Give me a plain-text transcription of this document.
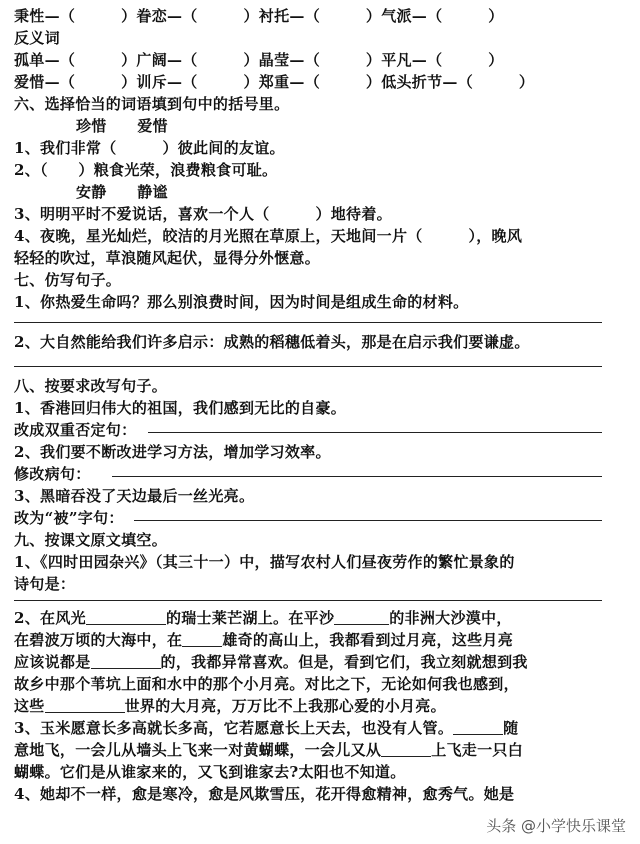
秉性—（　　　）眷恋—（　　　）衬托—（　　　）气派—（　　　）
反义词
孤单—（　　　）广阔—（　　　）晶莹—（　　　）平凡—（　　　）
爱惜—（　　　）训斥—（　　　）郑重—（　　　）低头折节—（　　　）
六、选择恰当的词语填到句中的括号里。
珍惜　　爱惜
1、我们非常（　　　）彼此间的友谊。
2、（　　）粮食光荣，浪费粮食可耻。
安静　　静谧
3、明明平时不爱说话，喜欢一个人（　　　）地待着。
4、夜晚，星光灿烂，皎洁的月光照在草原上，天地间一片（　　　），晚风
轻轻的吹过，草浪随风起伏，显得分外惬意。
七、仿写句子。
1、你热爱生命吗？那么别浪费时间，因为时间是组成生命的材料。
2、大自然能给我们许多启示：成熟的稻穗低着头，那是在启示我们要谦虚。
八、按要求改写句子。
1、香港回归伟大的祖国，我们感到无比的自豪。
改成双重否定句：
2、我们要不断改进学习方法，增加学习效率。
修改病句：
3、黑暗吞没了天边最后一丝光亮。
改为“被”字句：
九、按课文原文填空。
1、《四时田园杂兴》（其三十一）中，描写农村人们昼夜劳作的繁忙景象的
诗句是：
2、在风光	的瑞士莱芒湖上。在平沙	的非洲大沙漠中，
在碧波万顷的大海中，在	雄奇的高山上，我都看到过月亮，这些月亮
应该说都是	的，我都异常喜欢。但是，看到它们，我立刻就想到我
故乡中那个苇坑上面和水中的那个小月亮。对比之下，无论如何我也感到，
这些	世界的大月亮，万万比不上我那心爱的小月亮。
3、玉米愿意长多高就长多高，它若愿意长上天去，也没有人管。	随
意地飞，一会儿从墙头上飞来一对黄蝴蝶，一会儿又从	上飞走一只白
蝴蝶。它们是从谁家来的，又飞到谁家去?太阳也不知道。
4、她却不一样，愈是寒冷，愈是风欺雪压，花开得愈精神，愈秀气。她是
头条 @小学快乐课堂
